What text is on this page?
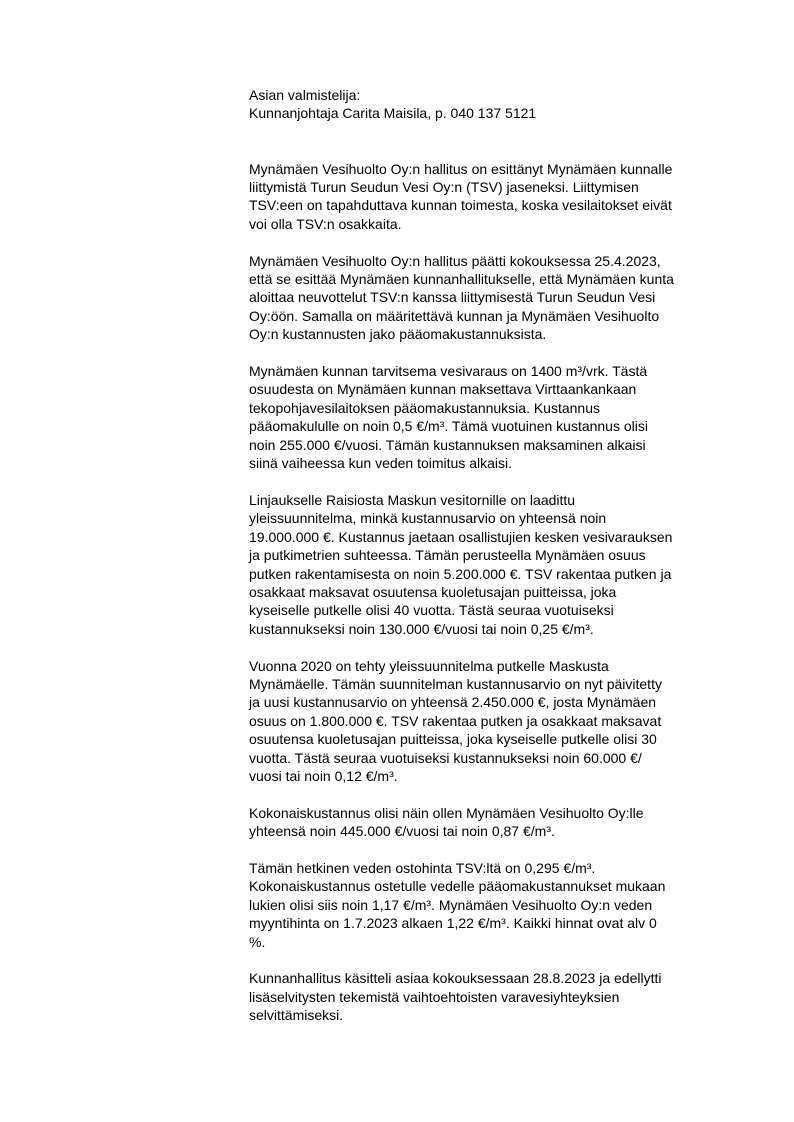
Asian valmistelija:
Kunnanjohtaja Carita Maisila, p. 040 137 5121

Mynämäen Vesihuolto Oy:n hallitus on esittänyt Mynämäen kunnalle
liittymistä Turun Seudun Vesi Oy:n (TSV) jaseneksi. Liittymisen
TSV:een on tapahduttava kunnan toimesta, koska vesilaitokset eivät
voi olla TSV:n osakkaita.

Mynämäen Vesihuolto Oy:n hallitus päätti kokouksessa 25.4.2023,
että se esittää Mynämäen kunnanhallitukselle, että Mynämäen kunta
aloittaa neuvottelut TSV:n kanssa liittymisestä Turun Seudun Vesi
Oy:öön. Samalla on määritettävä kunnan ja Mynämäen Vesihuolto
Oy:n kustannusten jako pääomakustannuksista.

Mynämäen kunnan tarvitsema vesivaraus on 1400 m³/vrk. Tästä
osuudesta on Mynämäen kunnan maksettava Virttaankankaan
tekopohjavesilaitoksen pääomakustannuksia. Kustannus
pääomakululle on noin 0,5 €/m³. Tämä vuotuinen kustannus olisi
noin 255.000 €/vuosi. Tämän kustannuksen maksaminen alkaisi
siinä vaiheessa kun veden toimitus alkaisi.

Linjaukselle Raisiosta Maskun vesitornille on laadittu
yleissuunnitelma, minkä kustannusarvio on yhteensä noin
19.000.000 €. Kustannus jaetaan osallistujien kesken vesivarauksen
ja putkimetrien suhteessa. Tämän perusteella Mynämäen osuus
putken rakentamisesta on noin 5.200.000 €. TSV rakentaa putken ja
osakkaat maksavat osuutensa kuoletusajan puitteissa, joka
kyseiselle putkelle olisi 40 vuotta. Tästä seuraa vuotuiseksi
kustannukseksi noin 130.000 €/vuosi tai noin 0,25 €/m³.

Vuonna 2020 on tehty yleissuunnitelma putkelle Maskusta
Mynämäelle. Tämän suunnitelman kustannusarvio on nyt päivitetty
ja uusi kustannusarvio on yhteensä 2.450.000 €, josta Mynämäen
osuus on 1.800.000 €. TSV rakentaa putken ja osakkaat maksavat
osuutensa kuoletusajan puitteissa, joka kyseiselle putkelle olisi 30
vuotta. Tästä seuraa vuotuiseksi kustannukseksi noin 60.000 €/
vuosi tai noin 0,12 €/m³.

Kokonaiskustannus olisi näin ollen Mynämäen Vesihuolto Oy:lle
yhteensä noin 445.000 €/vuosi tai noin 0,87 €/m³.

Tämän hetkinen veden ostohinta TSV:ltä on 0,295 €/m³.
Kokonaiskustannus ostetulle vedelle pääomakustannukset mukaan
lukien olisi siis noin 1,17 €/m³. Mynämäen Vesihuolto Oy:n veden
myyntihinta on 1.7.2023 alkaen 1,22 €/m³. Kaikki hinnat ovat alv 0
%.

Kunnanhallitus käsitteli asiaa kokouksessaan 28.8.2023 ja edellytti
lisäselvitysten tekemistä vaihtoehtoisten varavesiyhteyksien
selvittämiseksi.
